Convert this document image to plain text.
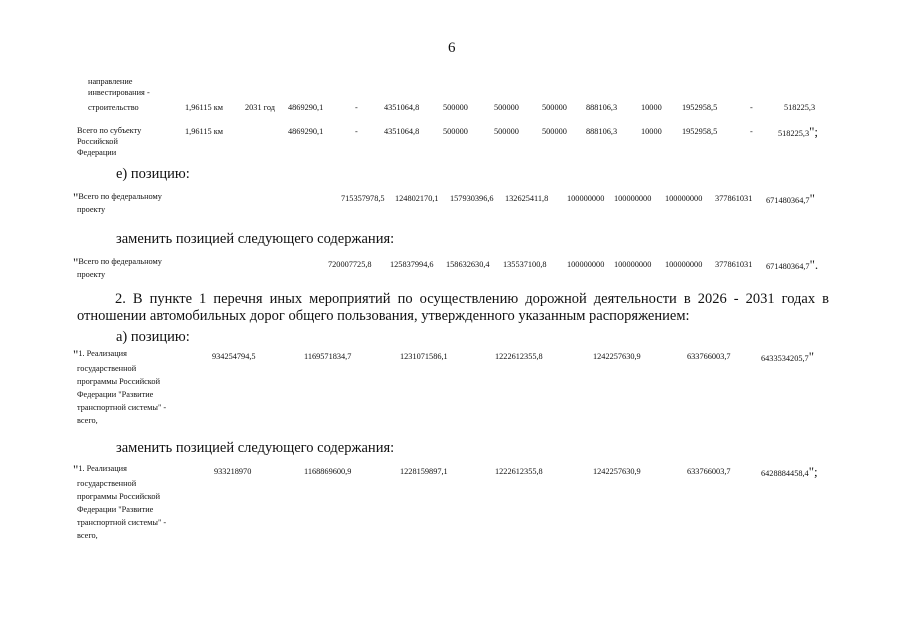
6
направление
инвестирования -
строительство	1,96115 км	2031 год 4869290,1	-	4351064,8	500000	500000	500000 888106,3	10000 1952958,5	-	518225,3
Всего по субъекту
Российской
Федерации
1,96115 км	4869290,1	-	4351064,8	500000	500000	500000 888106,3	10000 1952958,5	-	518225,3";
е) позицию:
"Всего по федеральному
проекту
715357978,5 124802170,1 157930396,6 132625411,8 100000000 100000000 100000000 377861031 671480364,7"
заменить позицией следующего содержания:
"Всего по федеральному
проекту
720007725,8 125837994,6 158632630,4 135537100,8 100000000 100000000 100000000 377861031 671480364,7".
2. В пункте 1 перечня иных мероприятий по осуществлению дорожной деятельности в 2026 - 2031 годах в отношении автомобильных дорог общего пользования, утвержденного указанным распоряжением:
а) позицию:
"1. Реализация
государственной
программы Российской
Федерации "Развитие
транспортной системы" -
всего,
934254794,5	1169571834,7	1231071586,1	1222612355,8	1242257630,9	633766003,7	6433534205,7"
заменить позицией следующего содержания:
"1. Реализация
государственной
программы Российской
Федерации "Развитие
транспортной системы" -
всего,
933218970	1168869600,9	1228159897,1	1222612355,8	1242257630,9	633766003,7	6428884458,4";
